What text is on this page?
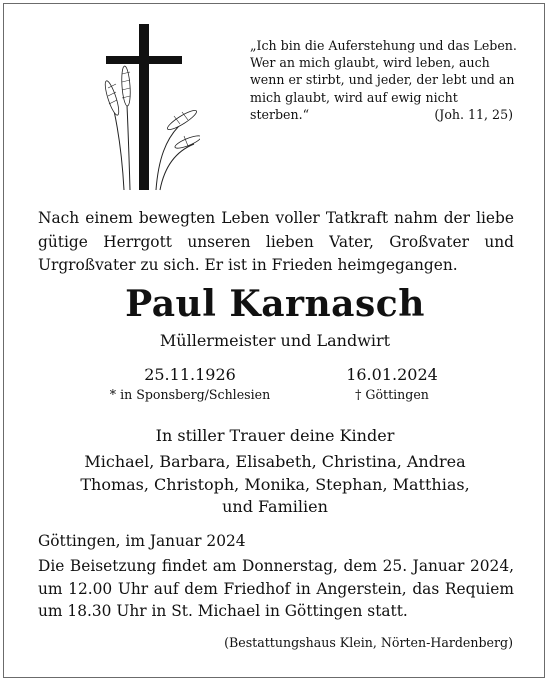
„Ich bin die Auferstehung und das Leben.
Wer an mich glaubt, wird leben, auch
wenn er stirbt, und jeder, der lebt und an
mich glaubt, wird auf ewig nicht sterben.“	(Joh. 11, 25)
Nach einem bewegten Leben voller Tatkraft nahm der liebe gütige Herrgott unseren lieben Vater, Großvater und Urgroßvater zu sich. Er ist in Frieden heimgegangen.
Paul Karnasch
Müllermeister und Landwirt
25.11.1926
* in Sponsberg/Schlesien
16.01.2024
† Göttingen
In stiller Trauer deine Kinder
Michael, Barbara, Elisabeth, Christina, Andrea
Thomas, Christoph, Monika, Stephan, Matthias,
und Familien
Göttingen, im Januar 2024
Die Beisetzung findet am Donnerstag, dem 25. Januar 2024,
um 12.00 Uhr auf dem Friedhof in Angerstein, das Requiem
um 18.30 Uhr in St. Michael in Göttingen statt.
(Bestattungshaus Klein, Nörten-Hardenberg)
